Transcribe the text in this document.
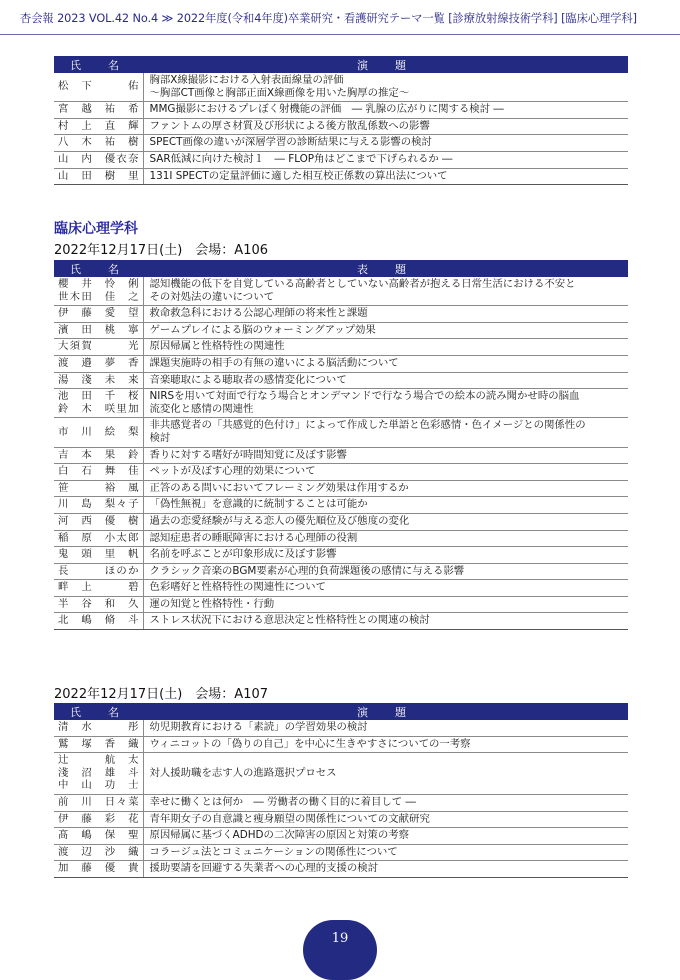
杏会報 2023 VOL.42 No.4 ≫ 2022年度(令和4年度)卒業研究・看護研究テーマ一覧 [診療放射線技術学科] [臨床心理学科]
氏　名	演　題

松　下　　　佑	胸部X線撮影における入射表面線量の評価
〜胸部CT画像と胸部正面X線画像を用いた胸厚の推定〜

宮　越　祐　希	MMG撮影におけるプレぼく射機能の評価　― 乳腺の広がりに関する検討 ―

村　上　直　輝	ファントムの厚さ材質及び形状による後方散乱係数への影響

八　木　祐　樹	SPECT画像の違いが深層学習の診断結果に与える影響の検討

山　内　優衣奈	SAR低減に向けた検討１　― FLOP角はどこまで下げられるか ―

山　田　樹　里	131I SPECTの定量評価に適した相互校正係数の算出法について
臨床心理学科
2022年12月17日(土)　会場：A106
氏　名	表　題

櫻　井　怜　俐
世木田　佳　之	認知機能の低下を自覚している高齢者としていない高齢者が抱える日常生活における不安と
その対処法の違いについて

伊　藤　愛　望	救命救急科における公認心理師の将来性と課題

濱　田　桃　寧	ゲームプレイによる脳のウォーミングアップ効果

大須賀　　　光	原因帰属と性格特性の関連性

渡　邉　夢　香	課題実施時の相手の有無の違いによる脳活動について

湯　淺　未　来	音楽聴取による聴取者の感情変化について

池　田　千　桜
鈴　木　咲里加	NIRSを用いて対面で行なう場合とオンデマンドで行なう場合での絵本の読み聞かせ時の脳血
流変化と感情の関連性

市　川　絵　梨	非共感覚者の「共感覚的色付け」によって作成した単語と色彩感情・色イメージとの関係性の
検討

吉　本　果　鈴	香りに対する嗜好が時間知覚に及ぼす影響

白　石　舞　佳	ペットが及ぼす心理的効果について

笹　　　裕　風	正答のある問いにおいてフレーミング効果は作用するか

川　島　梨々子	「偽性無視」を意識的に統制することは可能か

河　西　優　樹	過去の恋愛経験が与える恋人の優先順位及び態度の変化

稲　原　小太郎	認知症患者の睡眠障害における心理師の役割

鬼　頭　里　帆	名前を呼ぶことが印象形成に及ぼす影響

長　　　ほのか	クラシック音楽のBGM要素が心理的負荷課題後の感情に与える影響

畔　上　　　碧	色彩嗜好と性格特性の関連性について

半　谷　和　久	運の知覚と性格特性・行動

北　嶋　脩　斗	ストレス状況下における意思決定と性格特性との関連の検討
2022年12月17日(土)　会場：A107
氏　名	演　題

清　水　　　彤	幼児期教育における「素読」の学習効果の検討

鷲　塚　香　織	ウィニコットの「偽りの自己」を中心に生きやすさについての一考察

辻　　　航　太
淺　沼　雄　斗
中　山　功　士	対人援助職を志す人の進路選択プロセス

前　川　日々菜	幸せに働くとは何か　― 労働者の働く目的に着目して ―

伊　藤　彩　花	青年期女子の自意識と痩身願望の関係性についての文献研究

髙　嶋　保　聖	原因帰属に基づくADHDの二次障害の原因と対策の考察

渡　辺　沙　織	コラージュ法とコミュニケーションの関係性について

加　藤　優　貴	援助要請を回避する失業者への心理的支援の検討
19
